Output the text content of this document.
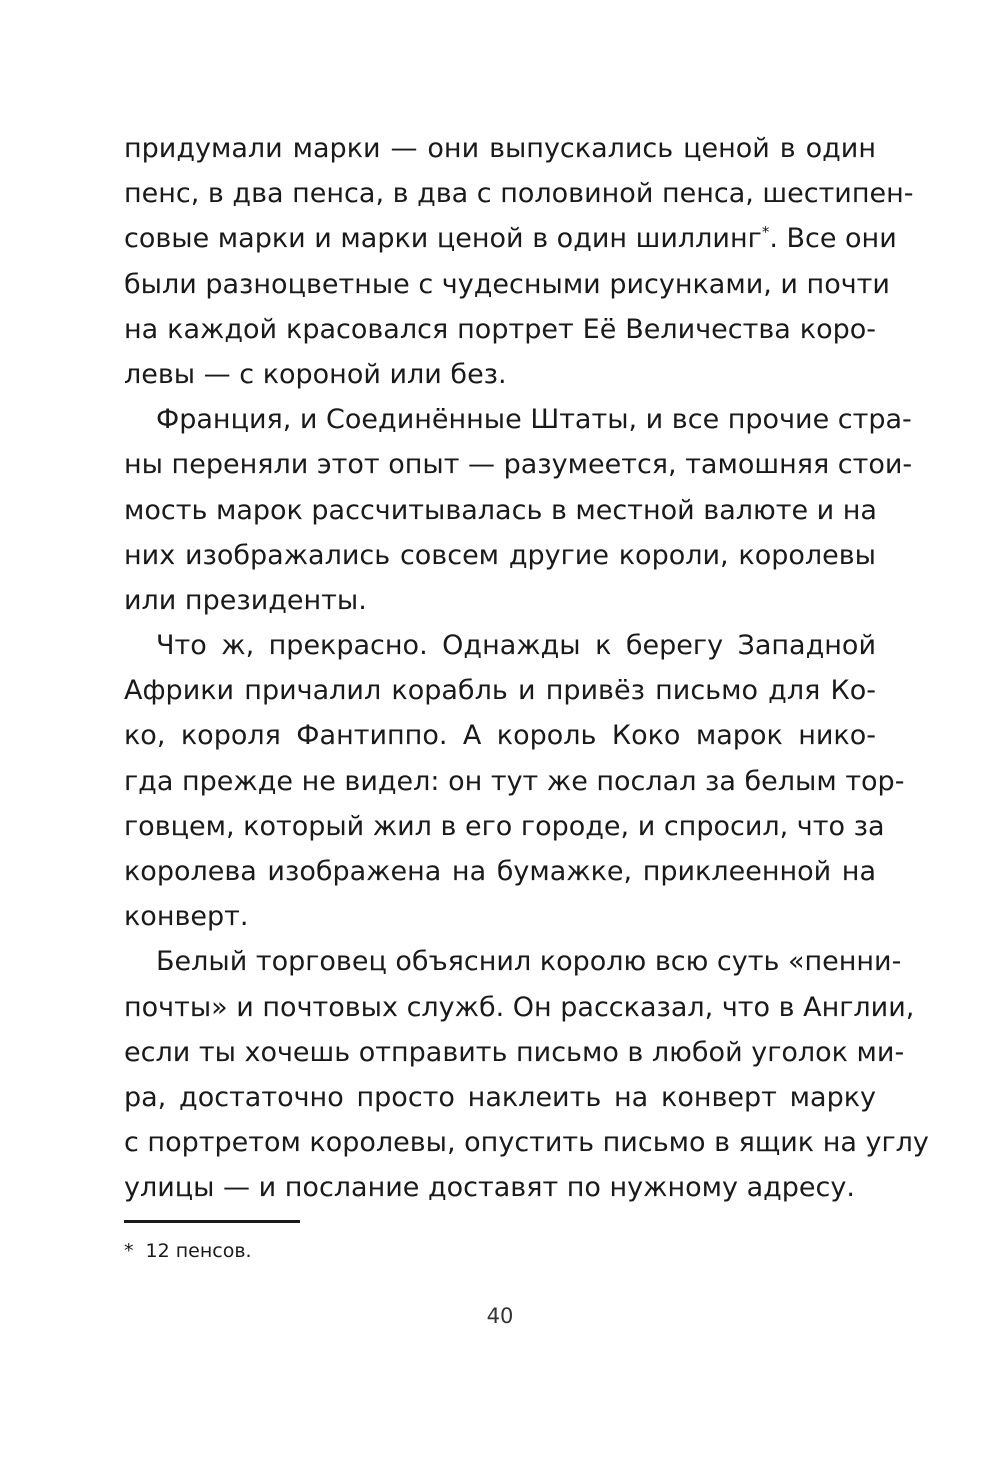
придумали марки — они выпускались ценой в один
пенс, в два пенса, в два с половиной пенса, шестипен-
совые марки и марки ценой в один шиллинг*. Все они
были разноцветные с чудесными рисунками, и почти
на каждой красовался портрет Её Величества коро-
левы — с короной или без.
Франция, и Соединённые Штаты, и все прочие стра-
ны переняли этот опыт — разумеется, тамошняя стои-
мость марок рассчитывалась в местной валюте и на
них изображались совсем другие короли, королевы
или президенты.
Что ж, прекрасно. Однажды к берегу Западной
Африки причалил корабль и привёз письмо для Ко-
ко, короля Фантиппо. А король Коко марок нико-
гда прежде не видел: он тут же послал за белым тор-
говцем, который жил в его городе, и спросил, что за
королева изображена на бумажке, приклеенной на
конверт.
Белый торговец объяснил королю всю суть «пенни-
почты» и почтовых служб. Он рассказал, что в Англии,
если ты хочешь отправить письмо в любой уголок ми-
ра, достаточно просто наклеить на конверт марку
с портретом королевы, опустить письмо в ящик на углу
улицы — и послание доставят по нужному адресу.
* 12 пенсов.
40
